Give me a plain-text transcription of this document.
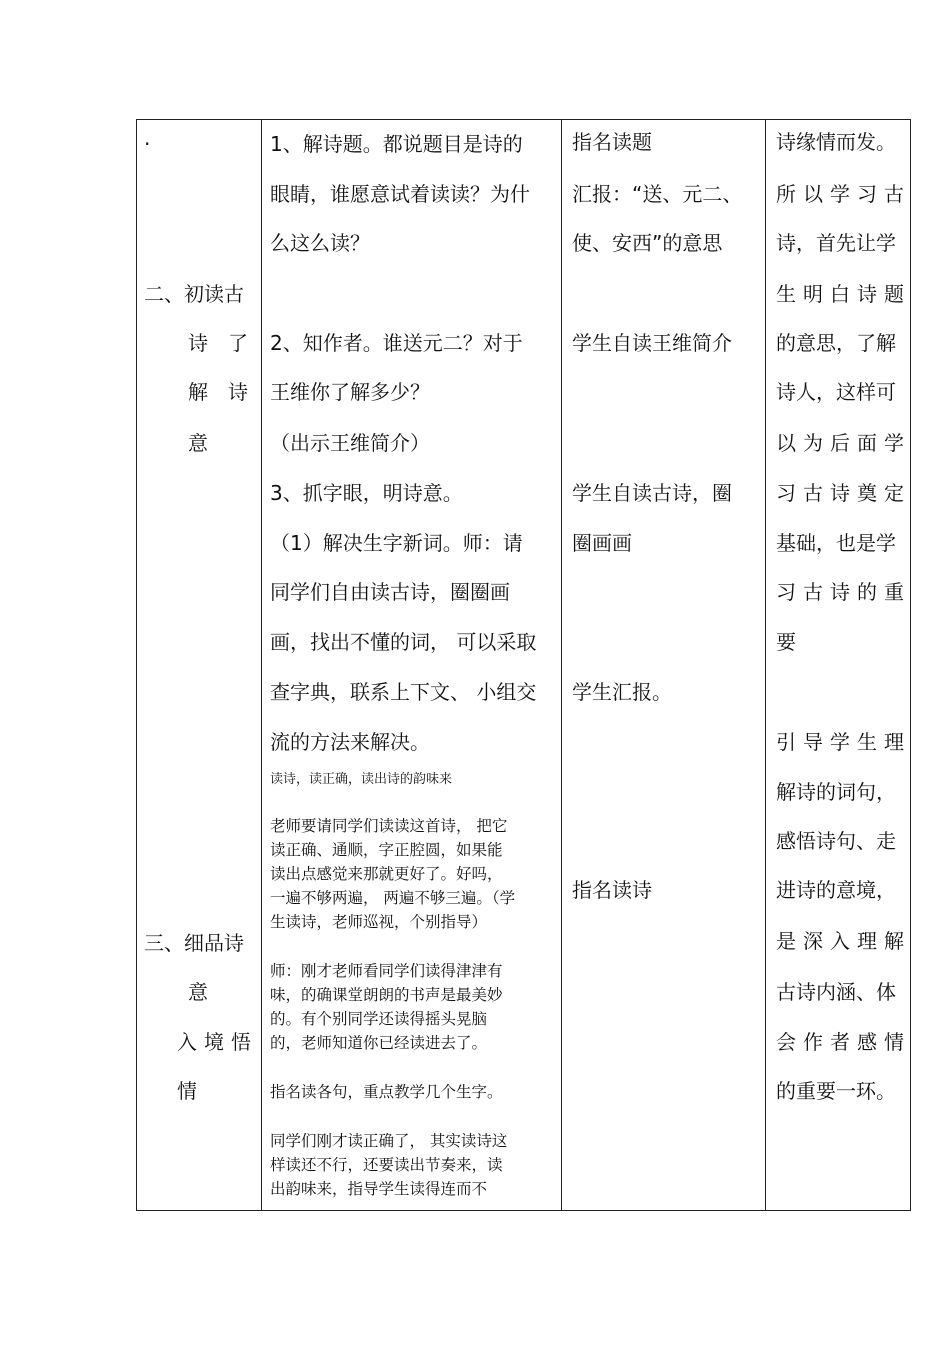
·
二、初读古
诗　了
解　诗
意
三、细品诗
意
入境悟
情
1、解诗题。都说题目是诗的
眼睛，谁愿意试着读读？为什
么这么读？
2、知作者。谁送元二？对于
王维你了解多少？
（出示王维简介）
3、抓字眼，明诗意。
（1）解决生字新词。师：请
同学们自由读古诗，圈圈画
画，找出不懂的词， 可以采取
查字典，联系上下文、 小组交
流的方法来解决。
读诗，读正确，读出诗的韵味来
老师要请同学们读读这首诗， 把它
读正确、通顺，字正腔圆，如果能
读出点感觉来那就更好了。好吗，
一遍不够两遍， 两遍不够三遍。（学
生读诗，老师巡视，个别指导）
师：刚才老师看同学们读得津津有
味，的确课堂朗朗的书声是最美妙
的。有个别同学还读得摇头晃脑
的，老师知道你已经读进去了。
指名读各句，重点教学几个生字。
同学们刚才读正确了， 其实读诗这
样读还不行，还要读出节奏来，读
出韵味来，指导学生读得连而不
指名读题
汇报：“送、元二、
使、安西”的意思
学生自读王维简介
学生自读古诗，圈
圈画画
学生汇报。
指名读诗
诗缘情而发。
所以学习古
诗，首先让学
生明白诗题
的意思，了解
诗人，这样可
以为后面学
习古诗奠定
基础，也是学
习古诗的重
要
引导学生理
解诗的词句，
感悟诗句、走
进诗的意境，
是深入理解
古诗内涵、体
会作者感情
的重要一环。
